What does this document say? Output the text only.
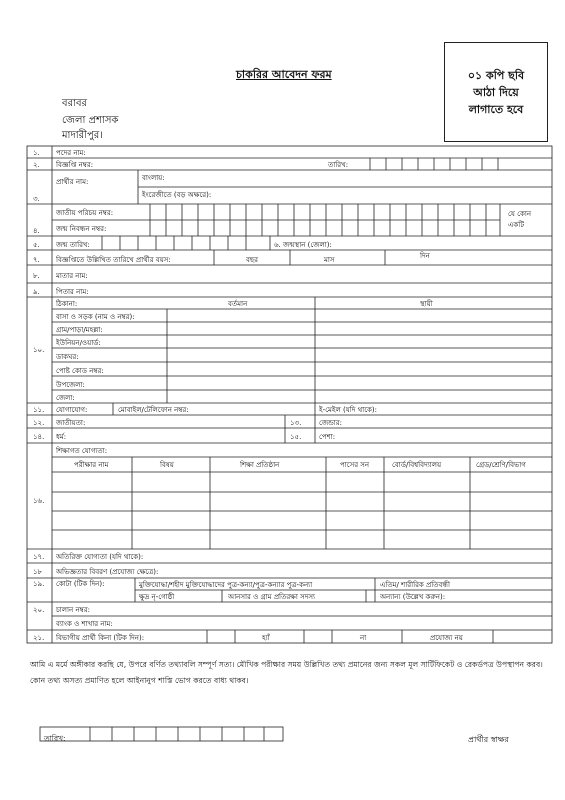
০১ কপি ছবি
আঠা দিয়ে
লাগাতে হবে
চাকরির আবেদন ফরম
বরাবর
জেলা প্রশাসক
মাদারীপুর।
১. পদের নাম:
২. বিজ্ঞপ্তি নম্বর:	তারিখ:
৩.
প্রার্থীর নাম:	বাংলায়:
ইংরেজীতে (বড় অক্ষরে):
৪.
জাতীয় পরিচয় নম্বর:
জন্ম নিবন্ধন নম্বর:
যে কোন
একটি
৫. জন্ম তারিখ:	৬. জন্মস্থান (জেলা):
৭. বিজ্ঞপ্তিতে উল্লিখিত তারিখে প্রার্থীর বয়স:	বছর	মাস	দিন
৮. মাতার নাম:
৯. পিতার নাম:
১০.
ঠিকানা:	বর্তমান	স্থায়ী
বাসা ও সড়ক (নাম ও নম্বর):
গ্রাম/পাড়া/মহল্লা:
ইউনিয়ন/ওয়ার্ড:
ডাকঘর:
পোষ্ট কোড নম্বর:
উপজেলা:
জেলা:
১১. যোগাযোগ:	মোবাইল/টেলিফোন নম্বর:	ই-মেইল (যদি থাকে):
১২. জাতীয়তা:	১৩.	জেন্ডার:
১৪. ধর্ম:	১৫.	পেশা:
১৬.
শিক্ষাগত যোগ্যতা:
পরীক্ষার নাম	বিষয়	শিক্ষা প্রতিষ্ঠান	পাসের সন	বোর্ড/বিশ্ববিদ্যালয়	গ্রেড/শ্রেণি/বিভাগ
১৭. অতিরিক্ত যোগ্যতা (যদি থাকে):
১৮ অভিজ্ঞতার বিবরণ (প্রযোজ্য ক্ষেত্রে):
১৯. কোটা (টিক দিন):	মুক্তিযোদ্ধা/শহীদ মুক্তিযোদ্ধাদের পুত্র-কন্যা/পুত্র-কন্যার পুত্র-কন্যা	এতিম/ শারীরিক প্রতিবন্ধী
ক্ষুদ্র নৃ-গোষ্ঠী	আনসার ও গ্রাম প্রতিরক্ষা সদস্য	অন্যান্য (উল্লেখ করুন):
২০. চালান নম্বর:
ব্যাংক ও শাখার নাম:
২১. বিভাগীয় প্রার্থী কিনা (টিক দিন):	হ্যাঁ	না	প্রযোজ্য নয়
আমি এ মর্মে অঙ্গীকার করছি যে, উপরে বর্ণিত তথ্যাবলি সম্পূর্ণ সত্য। মৌখিক পরীক্ষার সময় উল্লিখিত তথ্য প্রমানের জন্য সকল মূল সার্টিফিকেট ও রেকর্ডপত্র উপস্থাপন করব।
কোন তথ্য অসত্য প্রমাণিত হলে আইনানুগ শাস্তি ভোগ করতে বাধ্য থাকব।
তারিখ:	প্রার্থীর স্বাক্ষর
